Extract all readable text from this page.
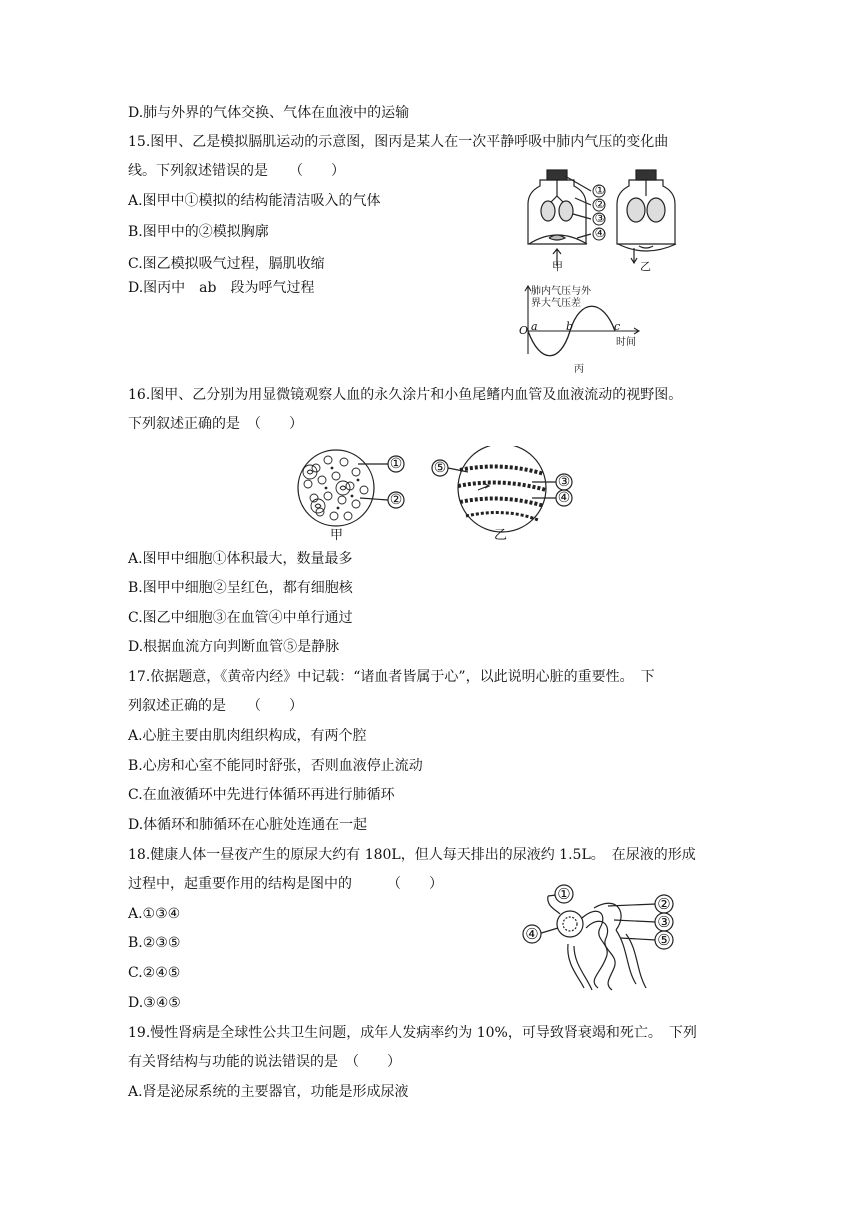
D.肺与外界的气体交换、气体在血液中的运输
15.图甲、乙是模拟膈肌运动的示意图，图丙是某人在一次平静呼吸中肺内气压的变化曲
线。下列叙述错误的是　　（　　）
A.图甲中①模拟的结构能清洁吸入的气体
B.图甲中的②模拟胸廓
C.图乙模拟吸气过程，膈肌收缩
D.图丙中　ab　段为呼气过程
①
②
③
④
甲	乙
肺内气压与外
界大气压差
O a	b	c
时间
丙
16.图甲、乙分别为用显微镜观察人血的永久涂片和小鱼尾鳍内血管及血液流动的视野图。
下列叙述正确的是　（　　）
①
②
⑤
③
④
甲	乙
A.图甲中细胞①体积最大，数量最多
B.图甲中细胞②呈红色，都有细胞核
C.图乙中细胞③在血管④中单行通过
D.根据血流方向判断血管⑤是静脉
17.依据题意，《黄帝内经》中记载：“诸血者皆属于心”，以此说明心脏的重要性。　下
列叙述正确的是　　（　　）
A.心脏主要由肌肉组织构成，有两个腔
B.心房和心室不能同时舒张，否则血液停止流动
C.在血液循环中先进行体循环再进行肺循环
D.体循环和肺循环在心脏处连通在一起
18.健康人体一昼夜产生的原尿大约有 180L，但人每天排出的尿液约 1.5L。　在尿液的形成
过程中，起重要作用的结构是图中的　　　（　　）
A.①③④
B.②③⑤
C.②④⑤
D.③④⑤
①
④
②
③
⑤
19.慢性肾病是全球性公共卫生问题，成年人发病率约为 10%，可导致肾衰竭和死亡。　下列
有关肾结构与功能的说法错误的是　（　　）
A.肾是泌尿系统的主要器官，功能是形成尿液
